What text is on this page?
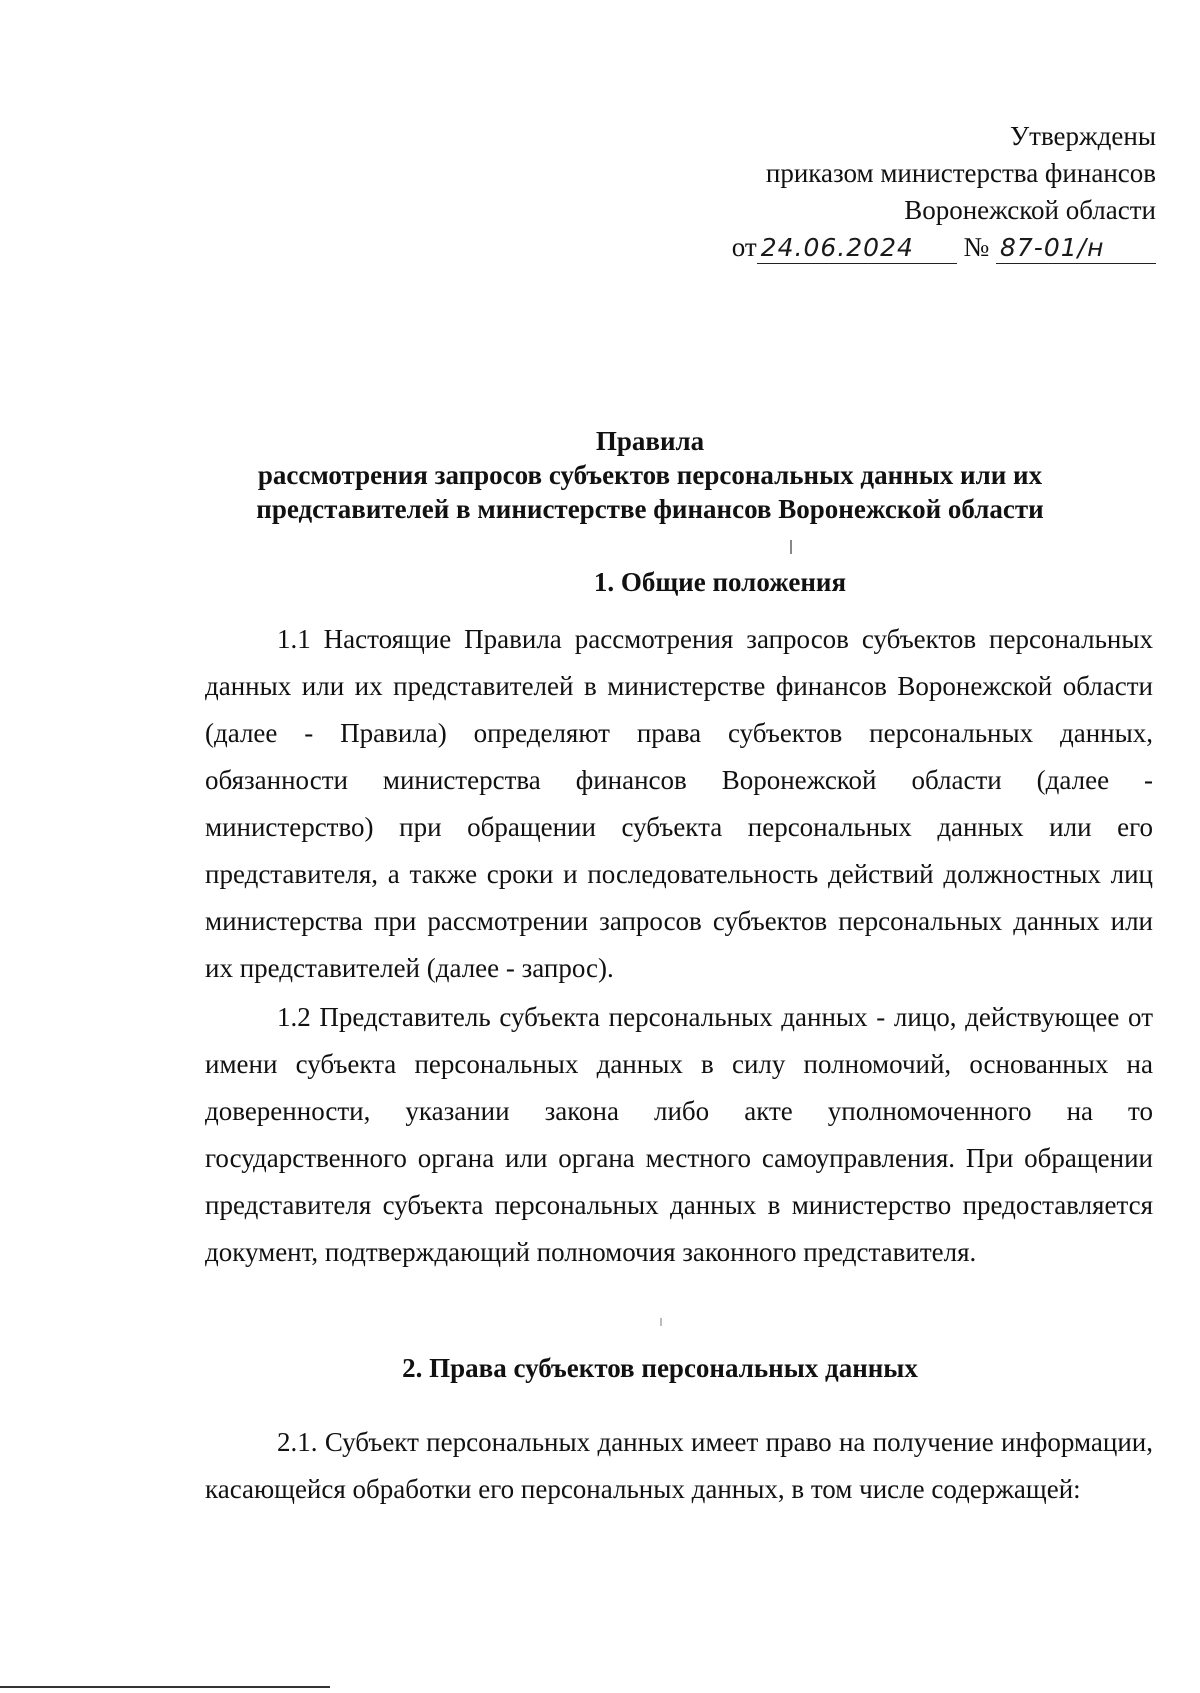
Утверждены
приказом министерства финансов
Воронежской области
от 24.06.2024 № 87-01/н
Правила
рассмотрения запросов субъектов персональных данных или их
представителей в министерстве финансов Воронежской области
1. Общие положения

1.1 Настоящие Правила рассмотрения запросов субъектов персональных данных или их представителей в министерстве финансов Воронежской области (далее - Правила) определяют права субъектов персональных данных, обязанности министерства финансов Воронежской области (далее - министерство) при обращении субъекта персональных данных или его представителя, а также сроки и последовательность действий должностных лиц министерства при рассмотрении запросов субъектов персональных данных или их представителей (далее - запрос).

1.2 Представитель субъекта персональных данных - лицо, действующее от имени субъекта персональных данных в силу полномочий, основанных на доверенности, указании закона либо акте уполномоченного на то государственного органа или органа местного самоуправления. При обращении представителя субъекта персональных данных в министерство предоставляется документ, подтверждающий полномочия законного представителя.

2. Права субъектов персональных данных

2.1. Субъект персональных данных имеет право на получение информации, касающейся обработки его персональных данных, в том числе содержащей:
